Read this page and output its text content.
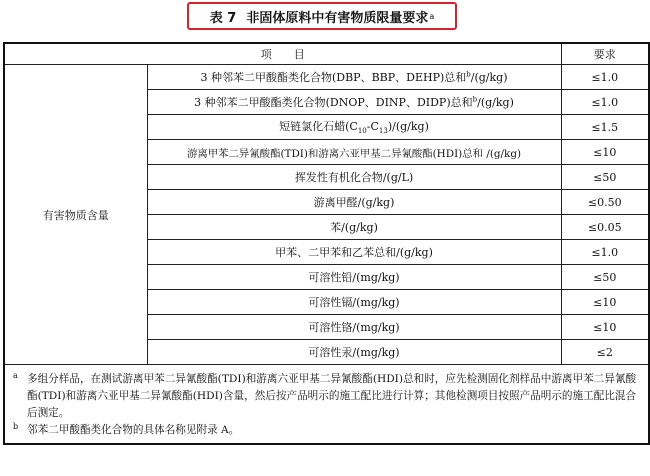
表 7 非固体原料中有害物质限量要求 a
项　　目		要求
有害物质含量	3 种邻苯二甲酸酯类化合物(DBP、BBP、DEHP)总和$^b$/(g/kg)	≤1.0
	3 种邻苯二甲酸酯类化合物(DNOP、DINP、DIDP)总和$^b$/(g/kg)	≤1.0
	短链氯化石蜡$(C_{10}-C_{13})/(g/kg)$	≤1.5
	游离甲苯二异氰酸酯(TDI)和游离六亚甲基二异氰酸酯(HDI)总和 /(g/kg)	≤10
	挥发性有机化合物/(g/L)	≤50
	游离甲醛/(g/kg)	≤0.50
	苯/(g/kg)	≤0.05
	甲苯、二甲苯和乙苯总和/(g/kg)	≤1.0
	可溶性铅/(mg/kg)	≤50
	可溶性镉/(mg/kg)	≤10
	可溶性铬/(mg/kg)	≤10
	可溶性汞/(mg/kg)	≤2

a 多组分样品，在测试游离甲苯二异氰酸酯(TDI)和游离六亚甲基二异氰酸酯(HDI)总和时，应先检测固化剂样品中游离甲苯二异氰酸酯(TDI)和游离六亚甲基二异氰酸酯(HDI)含量，然后按产品明示的施工配比进行计算；其他检测项目按照产品明示的施工配比混合后测定。
b 邻苯二甲酸酯类化合物的具体名称见附录 A。		
